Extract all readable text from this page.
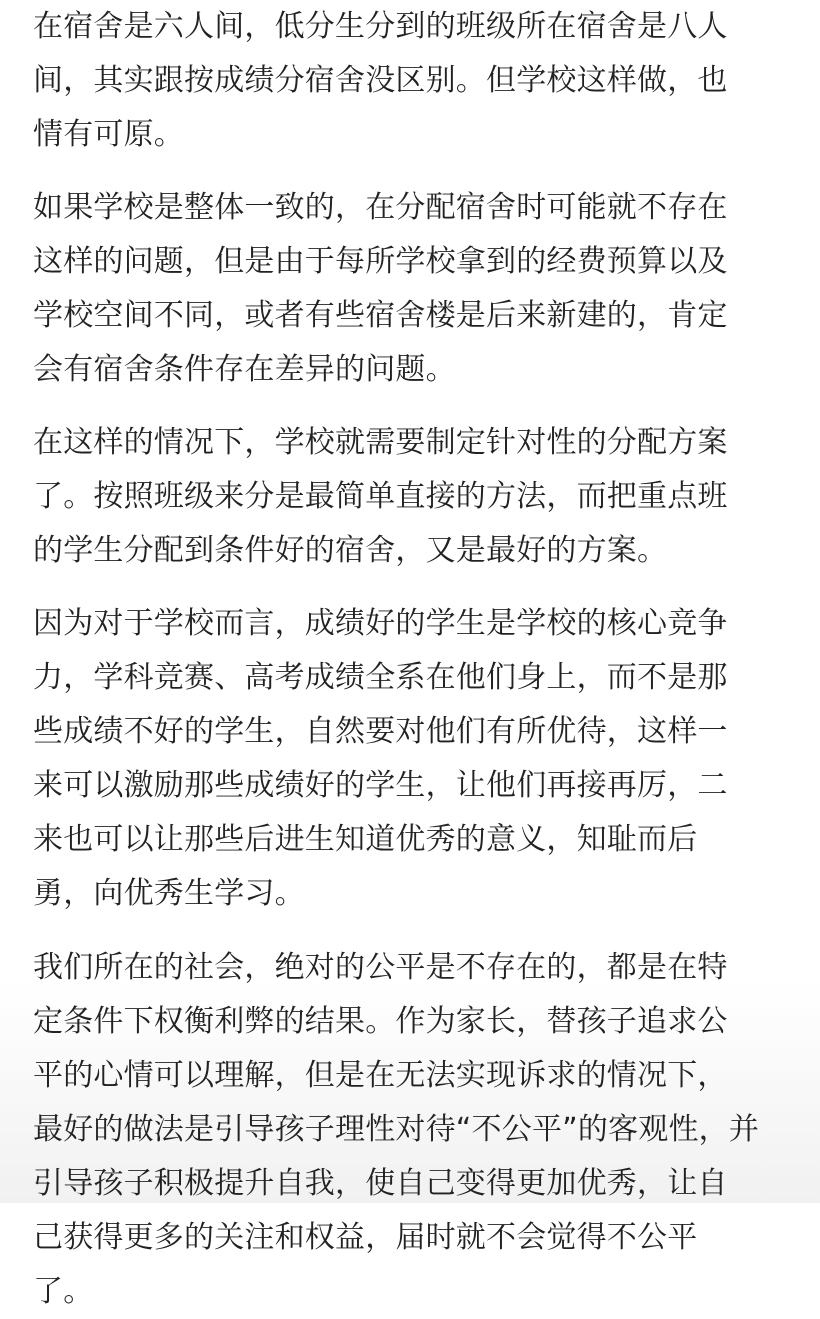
在宿舍是六人间，低分生分到的班级所在宿舍是八人
间，其实跟按成绩分宿舍没区别。但学校这样做，也
情有可原。

如果学校是整体一致的，在分配宿舍时可能就不存在
这样的问题，但是由于每所学校拿到的经费预算以及
学校空间不同，或者有些宿舍楼是后来新建的，肯定
会有宿舍条件存在差异的问题。

在这样的情况下，学校就需要制定针对性的分配方案
了。按照班级来分是最简单直接的方法，而把重点班
的学生分配到条件好的宿舍，又是最好的方案。

因为对于学校而言，成绩好的学生是学校的核心竞争
力，学科竞赛、高考成绩全系在他们身上，而不是那
些成绩不好的学生，自然要对他们有所优待，这样一
来可以激励那些成绩好的学生，让他们再接再厉，二
来也可以让那些后进生知道优秀的意义，知耻而后
勇，向优秀生学习。

我们所在的社会，绝对的公平是不存在的，都是在特
定条件下权衡利弊的结果。作为家长，替孩子追求公
平的心情可以理解，但是在无法实现诉求的情况下，
最好的做法是引导孩子理性对待“不公平”的客观性，并
引导孩子积极提升自我，使自己变得更加优秀，让自
己获得更多的关注和权益，届时就不会觉得不公平
了。
